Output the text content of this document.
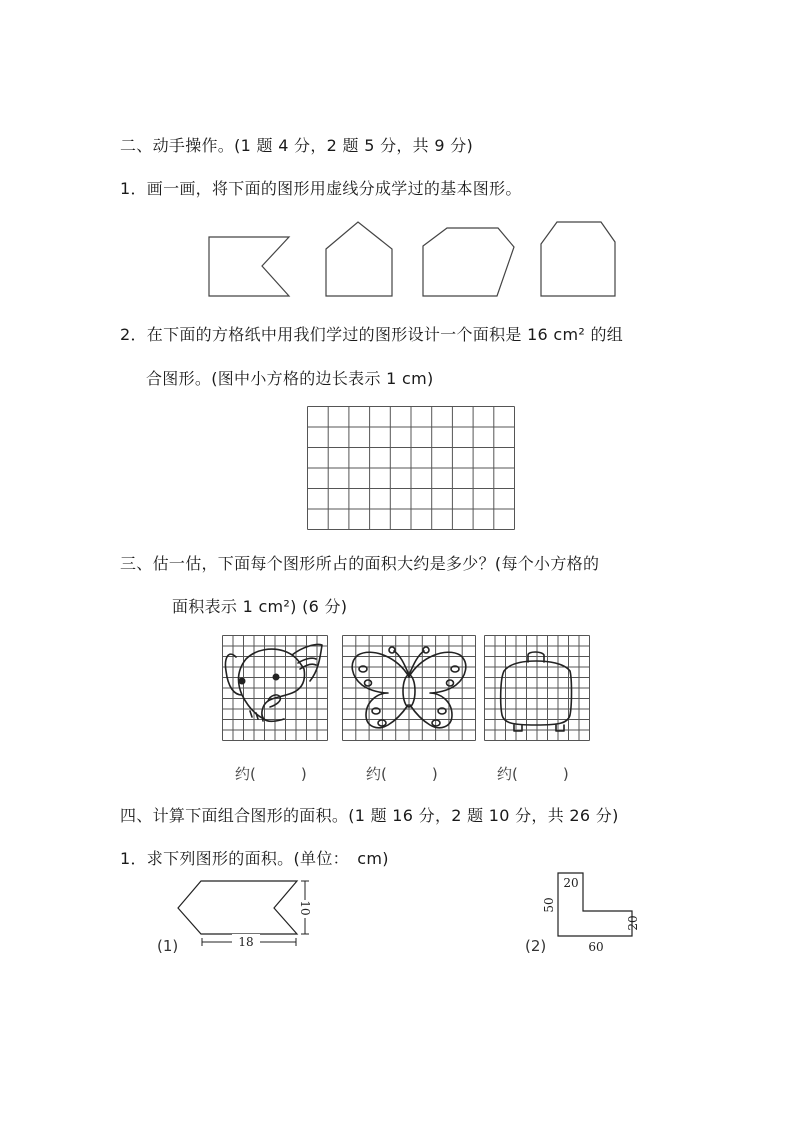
二、动手操作。(1 题 4 分，2 题 5 分，共 9 分)
1．画一画，将下面的图形用虚线分成学过的基本图形。
2．在下面的方格纸中用我们学过的图形设计一个面积是 16 cm² 的组
合图形。(图中小方格的边长表示 1 cm)
三、估一估，下面每个图形所占的面积大约是多少？(每个小方格的
面积表示 1 cm²) (6 分)
约(　　　)	约(　　　)	约(　　　)
四、计算下面组合图形的面积。(1 题 16 分，2 题 10 分，共 26 分)
1．求下列图形的面积。(单位：　cm)
18
10
(1)
20
50
60
20
(2)
